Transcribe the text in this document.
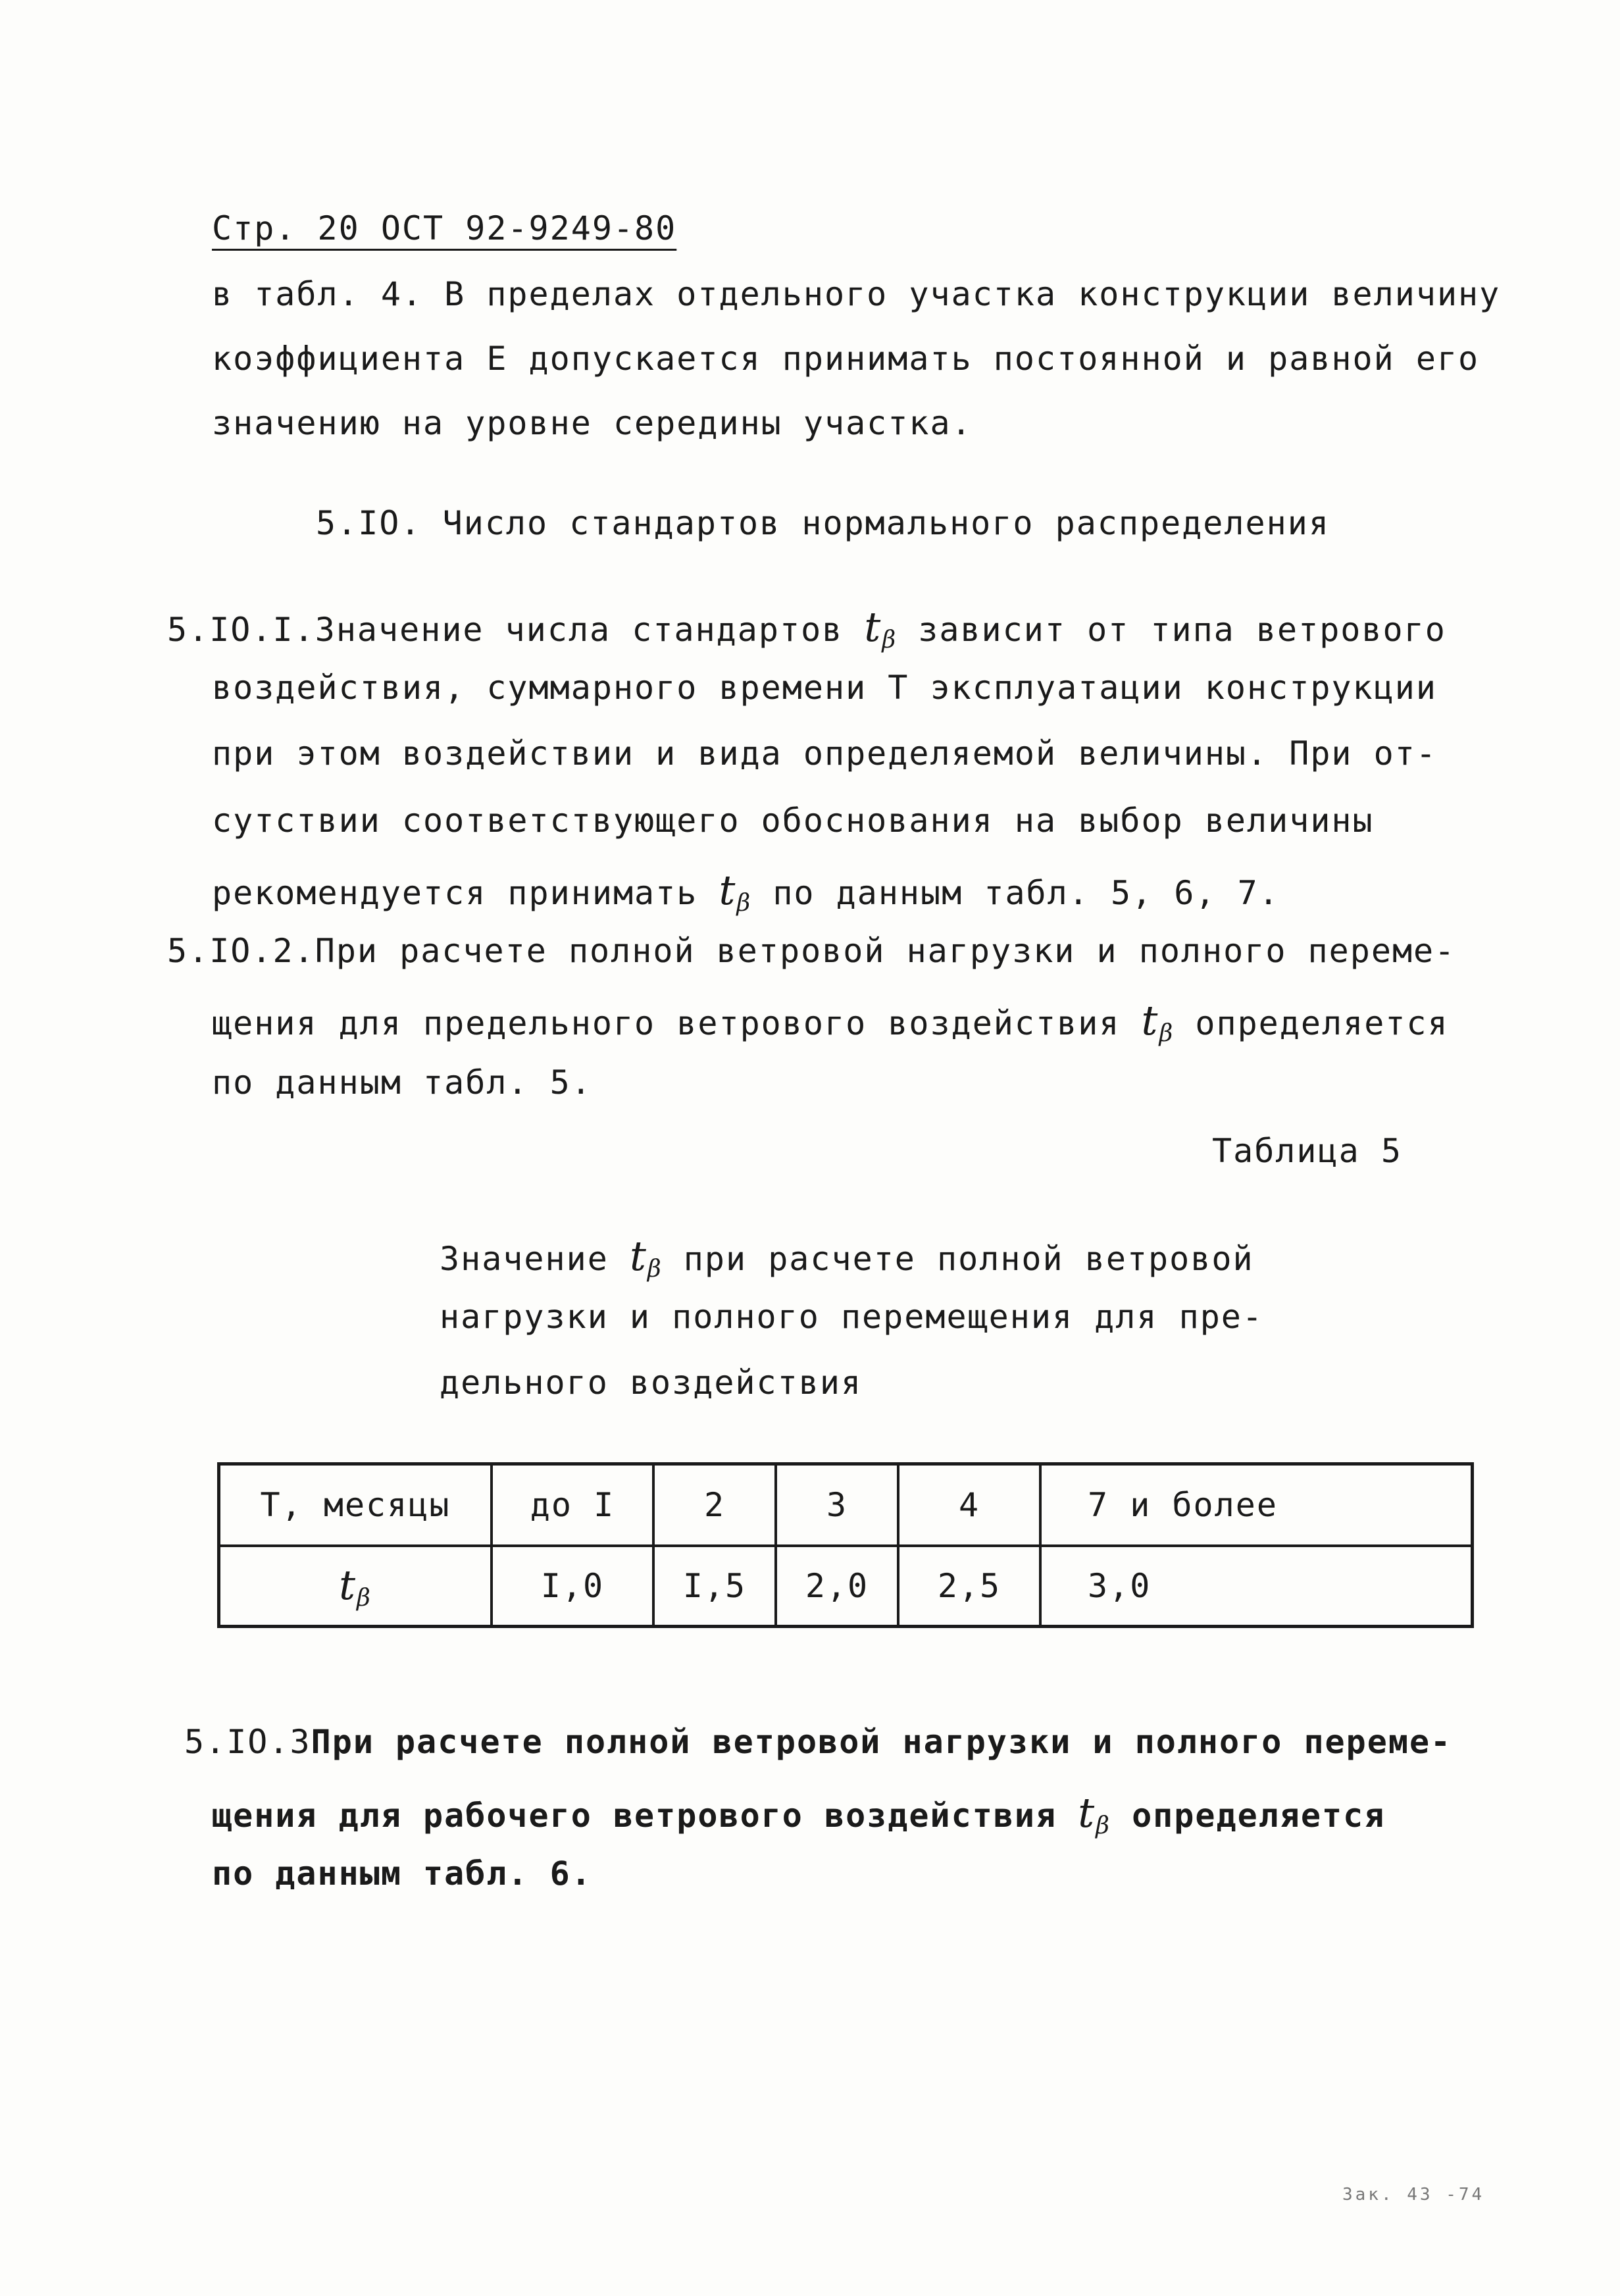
Стр. 20 ОСТ 92-9249-80
в табл. 4. В пределах отдельного участка конструкции величину
коэффициента Е допускается принимать постоянной и равной его
значению на уровне середины участка.
5.IO. Число стандартов нормального распределения
5.IO.I.Значение числа стандартов $t_\beta$ зависит от типа ветрового
воздействия, суммарного времени Т эксплуатации конструкции
при этом воздействии и вида определяемой величины. При от-
сутствии соответствующего обоснования на выбор величины
рекомендуется принимать $t_\beta$ по данным табл. 5, 6, 7.
5.IO.2.При расчете полной ветровой нагрузки и полного переме-
щения для предельного ветрового воздействия $t_\beta$ определяется
по данным табл. 5.
Таблица 5
Значение $t_\beta$ при расчете полной ветровой
нагрузки и полного перемещения для пре-
дельного воздействия
Т, месяцы	до I	2	3	4	7 и более
$t_\beta$	I,0	I,5	2,0	2,5	3,0
5.IO.3При расчете полной ветровой нагрузки и полного переме-
щения для рабочего ветрового воздействия $t_\beta$ определяется
по данным табл. 6.
Зак. 43 -74
